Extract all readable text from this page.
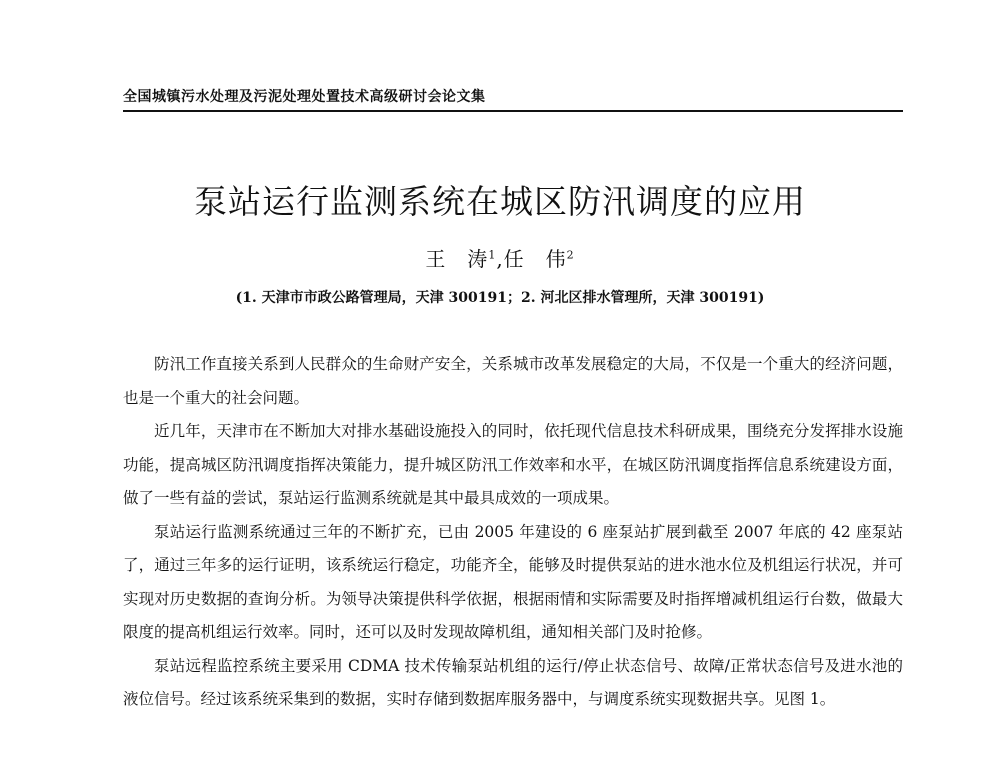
全国城镇污水处理及污泥处理处置技术高级研讨会论文集
泵站运行监测系统在城区防汛调度的应用
王　涛$^1$,任　伟$^2$
(1. 天津市市政公路管理局，天津 300191；2. 河北区排水管理所，天津 300191)

防汛工作直接关系到人民群众的生命财产安全，关系城市改革发展稳定的大局，不仅是一个重大的经济问题，也是一个重大的社会问题。

近几年，天津市在不断加大对排水基础设施投入的同时，依托现代信息技术科研成果，围绕充分发挥排水设施功能，提高城区防汛调度指挥决策能力，提升城区防汛工作效率和水平，在城区防汛调度指挥信息系统建设方面，做了一些有益的尝试，泵站运行监测系统就是其中最具成效的一项成果。

泵站运行监测系统通过三年的不断扩充，已由 2005 年建设的 6 座泵站扩展到截至 2007 年底的 42 座泵站了，通过三年多的运行证明，该系统运行稳定，功能齐全，能够及时提供泵站的进水池水位及机组运行状况，并可实现对历史数据的查询分析。为领导决策提供科学依据，根据雨情和实际需要及时指挥增减机组运行台数，做最大限度的提高机组运行效率。同时，还可以及时发现故障机组，通知相关部门及时抢修。

泵站远程监控系统主要采用 CDMA 技术传输泵站机组的运行/停止状态信号、故障/正常状态信号及进水池的液位信号。经过该系统采集到的数据，实时存储到数据库服务器中，与调度系统实现数据共享。见图 1。
